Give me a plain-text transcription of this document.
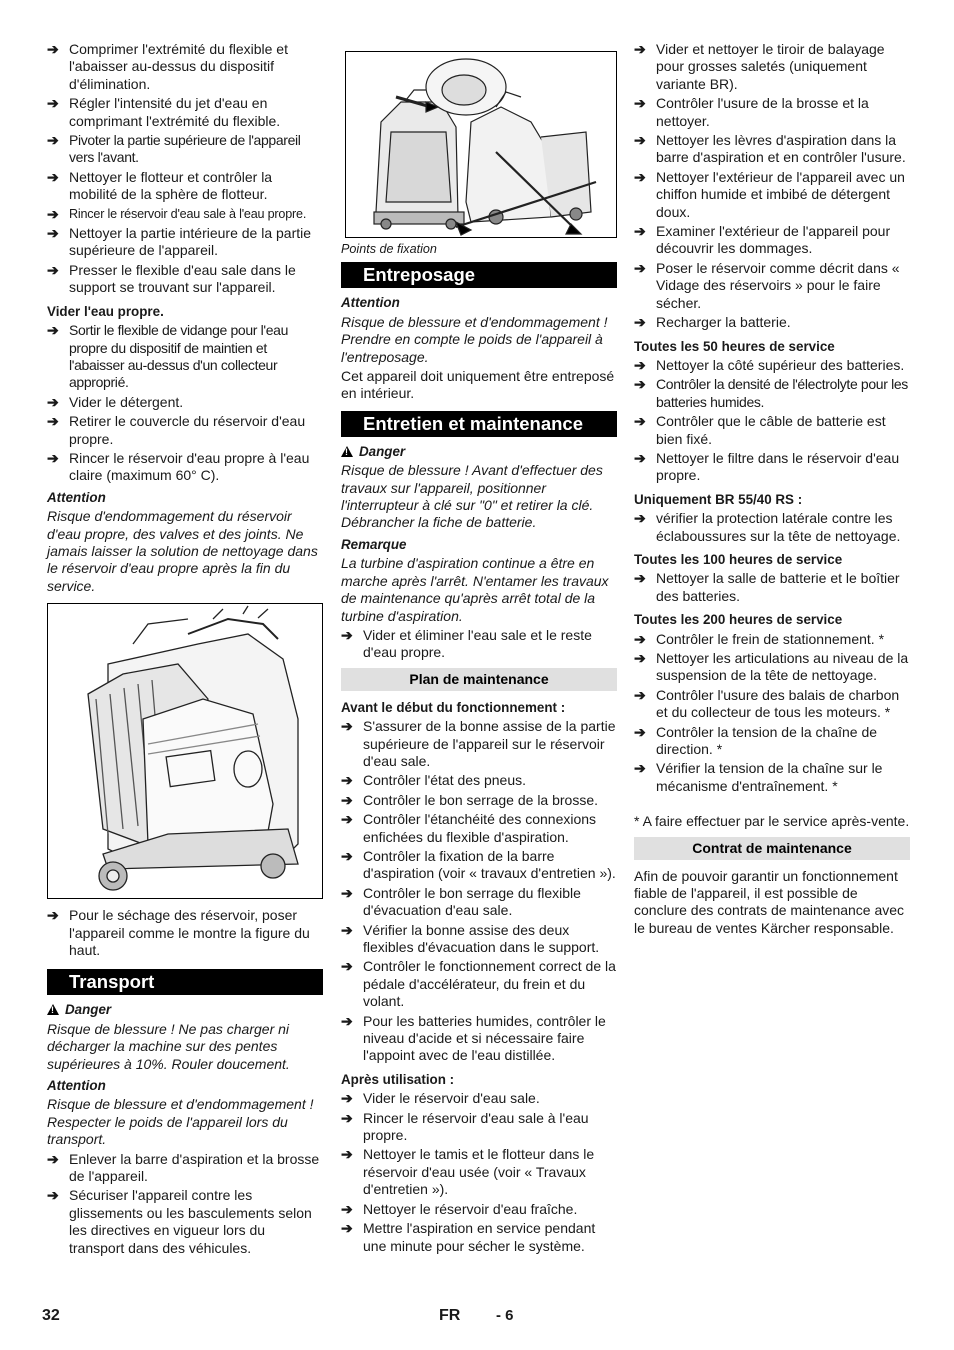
➔ Comprimer l'extrémité du flexible et l'abaisser au-dessus du dispositif d'élimination.
➔ Régler l'intensité du jet d'eau en comprimant l'extrémité du flexible.
➔ Pivoter la partie supérieure de l'appareil vers l'avant.
➔ Nettoyer le flotteur et contrôler la mobilité de la sphère de flotteur.
➔ Rincer le réservoir d'eau sale à l'eau propre.
➔ Nettoyer la partie intérieure de la partie supérieure de l'appareil.
➔ Presser le flexible d'eau sale dans le support se trouvant sur l'appareil.
Vider l'eau propre.
➔ Sortir le flexible de vidange pour l'eau propre du dispositif de maintien et l'abaisser au-dessus d'un collecteur approprié.
➔ Vider le détergent.
➔ Retirer le couvercle du réservoir d'eau propre.
➔ Rincer le réservoir d'eau propre à l'eau claire (maximum 60° C).
Attention
Risque d'endommagement du réservoir d'eau propre, des valves et des joints. Ne jamais laisser la solution de nettoyage dans le réservoir d'eau propre après la fin du service.
➔ Pour le séchage des réservoir, poser l'appareil comme le montre la figure du haut.
Transport
!Danger
Risque de blessure ! Ne pas charger ni décharger la machine sur des pentes supérieures à 10%. Rouler doucement.
Attention
Risque de blessure et d'endommagement ! Respecter le poids de l'appareil lors du transport.
➔ Enlever la barre d'aspiration et la brosse de l'appareil.
➔ Sécuriser l'appareil contre les glissements ou les basculements selon les directives en vigueur lors du transport dans des véhicules.
Points de fixation
Entreposage
Attention
Risque de blessure et d'endommagement ! Prendre en compte le poids de l'appareil à l'entreposage.
Cet appareil doit uniquement être entreposé en intérieur.
Entretien et maintenance
!Danger
Risque de blessure ! Avant d'effectuer des travaux sur l'appareil, positionner l'interrupteur à clé sur "0" et retirer la clé. Débrancher la fiche de batterie.
Remarque
La turbine d'aspiration continue a être en marche après l'arrêt. N'entamer les travaux de maintenance qu'après arrêt total de la turbine d'aspiration.
➔ Vider et éliminer l'eau sale et le reste d'eau propre.
Plan de maintenance
Avant le début du fonctionnement :
➔ S'assurer de la bonne assise de la partie supérieure de l'appareil sur le réservoir d'eau sale.
➔ Contrôler l'état des pneus.
➔ Contrôler le bon serrage de la brosse.
➔ Contrôler l'étanchéité des connexions enfichées du flexible d'aspiration.
➔ Contrôler la fixation de la barre d'aspiration (voir « travaux d'entretien »).
➔ Contrôler le bon serrage du flexible d'évacuation d'eau sale.
➔ Vérifier la bonne assise des deux flexibles d'évacuation dans le support.
➔ Contrôler le fonctionnement correct de la pédale d'accélérateur, du frein et du volant.
➔ Pour les batteries humides, contrôler le niveau d'acide et si nécessaire faire l'appoint avec de l'eau distillée.
Après utilisation :
➔ Vider le réservoir d'eau sale.
➔ Rincer le réservoir d'eau sale à l'eau propre.
➔ Nettoyer le tamis et le flotteur dans le réservoir d'eau usée (voir « Travaux d'entretien »).
➔ Nettoyer le réservoir d'eau fraîche.
➔ Mettre l'aspiration en service pendant une minute pour sécher le système.
➔ Vider et nettoyer le tiroir de balayage pour grosses saletés (uniquement variante BR).
➔ Contrôler l'usure de la brosse et la nettoyer.
➔ Nettoyer les lèvres d'aspiration dans la barre d'aspiration et en contrôler l'usure.
➔ Nettoyer l'extérieur de l'appareil avec un chiffon humide et imbibé de détergent doux.
➔ Examiner l'extérieur de l'appareil pour découvrir les dommages.
➔ Poser le réservoir comme décrit dans « Vidage des réservoirs » pour le faire sécher.
➔ Recharger la batterie.
Toutes les 50 heures de service
➔ Nettoyer la côté supérieur des batteries.
➔ Contrôler la densité de l'électrolyte pour les batteries humides.
➔ Contrôler que le câble de batterie est bien fixé.
➔ Nettoyer le filtre dans le réservoir d'eau propre.
Uniquement BR 55/40 RS :
➔ vérifier la protection latérale contre les éclaboussures sur la tête de nettoyage.
Toutes les 100 heures de service
➔ Nettoyer la salle de batterie et le boîtier des batteries.
Toutes les 200 heures de service
➔ Contrôler le frein de stationnement. *
➔ Nettoyer les articulations au niveau de la suspension de la tête de nettoyage.
➔ Contrôler l'usure des balais de charbon et du collecteur de tous les moteurs. *
➔ Contrôler la tension de la chaîne de direction. *
➔ Vérifier la tension de la chaîne sur le mécanisme d'entraînement. *
* A faire effectuer par le service après-vente.
Contrat de maintenance
Afin de pouvoir garantir un fonctionnement fiable de l'appareil, il est possible de conclure des contrats de maintenance avec le bureau de ventes Kärcher responsable.
32	FR - 6
